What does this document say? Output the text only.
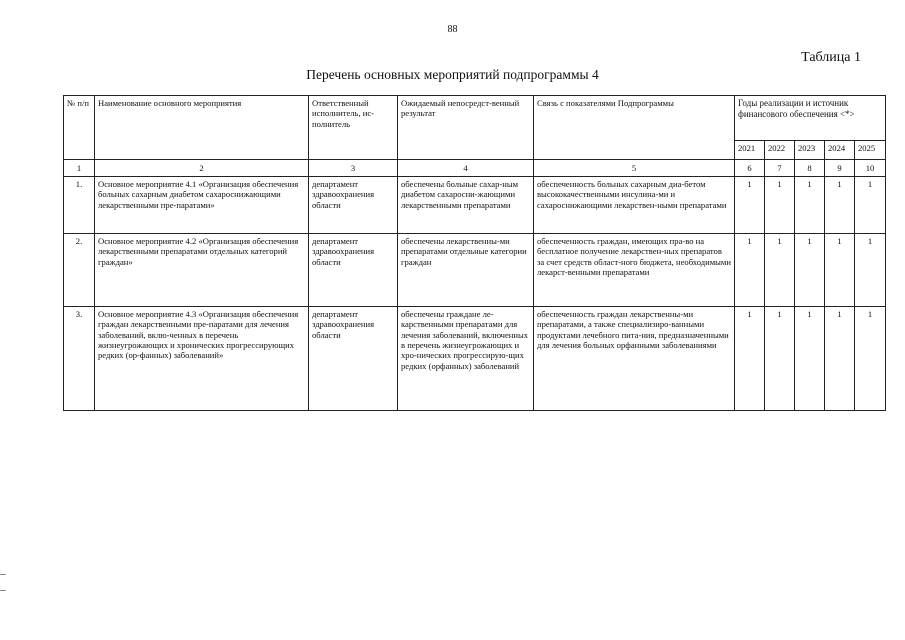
88
Таблица 1
Перечень основных мероприятий подпрограммы 4
№ п/п	Наименование основного мероприятия	Ответственный исполнитель, ис-полнитель	Ожидаемый непосредст-венный результат	Связь с показателями Подпрограммы	Годы реализации и источник финансового обеспечения <*>				
					2021	2022	2023	2024	2025
1	2	3	4	5	6	7	8	9	10
1.	Основное мероприятие 4.1 «Организация обеспечения больных сахарным диабетом сахароснижающими лекарственными пре-паратами»	департамент здравоохранения области	обеспечены больные сахар-ным диабетом сахаросни-жающими лекарственными препаратами	обеспеченность больных сахарным диа-бетом высококачественными инсулина-ми и сахароснижающими лекарствен-ными препаратами	1	1	1	1	1
2.	Основное мероприятие 4.2 «Организация обеспечения лекарственными препаратами отдельных категорий граждан»	департамент здравоохранения области	обеспечены лекарственны-ми препаратами отдельные категории граждан	обеспеченность граждан, имеющих пра-во на бесплатное получение лекарствен-ных препаратов за счет средств област-ного бюджета, необходимыми лекарст-венными препаратами	1	1	1	1	1
3.	Основное мероприятие 4.3 «Организация обеспечения граждан лекарственными пре-паратами для лечения заболеваний, вклю-ченных в перечень жизнеугрожающих и хронических прогрессирующих редких (ор-фанных) заболеваний»	департамент здравоохранения области	обеспечены граждане ле-карственными препаратами для лечения заболеваний, включенных в перечень жизнеугрожающих и хро-нических прогрессирую-щих редких (орфанных) заболеваний	обеспеченность граждан лекарственны-ми препаратами, а также специализиро-ванными продуктами лечебного пита-ния, предназначенными для лечения больных орфанными заболеваниями	1	1	1	1	1
